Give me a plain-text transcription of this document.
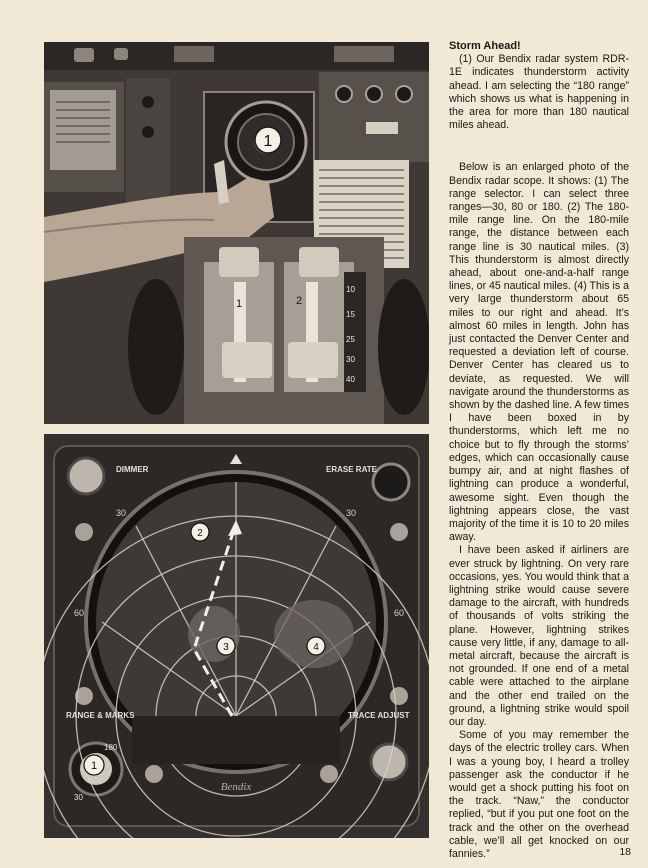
1	2
10
15
25
30
40
1
30	30
60	60
DIMMER	ERASE RATE
RANGE & MARKS	TRACE ADJUST
180
30
Bendix
1
2
3	4

Storm Ahead!

(1) Our Bendix radar system RDR-1E indicates thunderstorm activity ahead. I am selecting the “180 range” which shows us what is happening in the area for more than 180 nautical miles ahead.

Below is an enlarged photo of the Bendix radar scope. It shows: (1) The range selector. I can select three ranges—30, 80 or 180. (2) The 180-mile range line. On the 180-mile range, the distance between each range line is 30 nautical miles. (3) This thunderstorm is almost directly ahead, about one-and-a-half range lines, or 45 nautical miles. (4) This is a very large thunderstorm about 65 miles to our right and ahead. It’s almost 60 miles in length. John has just contacted the Denver Center and requested a deviation left of course. Denver Center has cleared us to deviate, as requested. We will navigate around the thunderstorms as shown by the dashed line. A few times I have been boxed in by thunderstorms, which left me no choice but to fly through the storms’ edges, which can occasionally cause bumpy air, and at night flashes of lightning can produce a wonderful, awesome sight. Even though the lightning appears close, the vast majority of the time it is 10 to 20 miles away.

I have been asked if airliners are ever struck by lightning. On very rare occasions, yes. You would think that a lightning strike would cause severe damage to the aircraft, with hundreds of thousands of volts striking the plane. However, lightning strikes cause very little, if any, damage to all-metal aircraft, because the aircraft is not grounded. If one end of a metal cable were attached to the airplane and the other end trailed on the ground, a lightning strike would spoil our day.

Some of you may remember the days of the electric trolley cars. When I was a young boy, I heard a trolley passenger ask the conductor if he would get a shock putting his foot on the track. “Naw,” the conductor replied, “but if you put one foot on the track and the other on the overhead cable, we’ll all get knocked on our fannies.”	18
